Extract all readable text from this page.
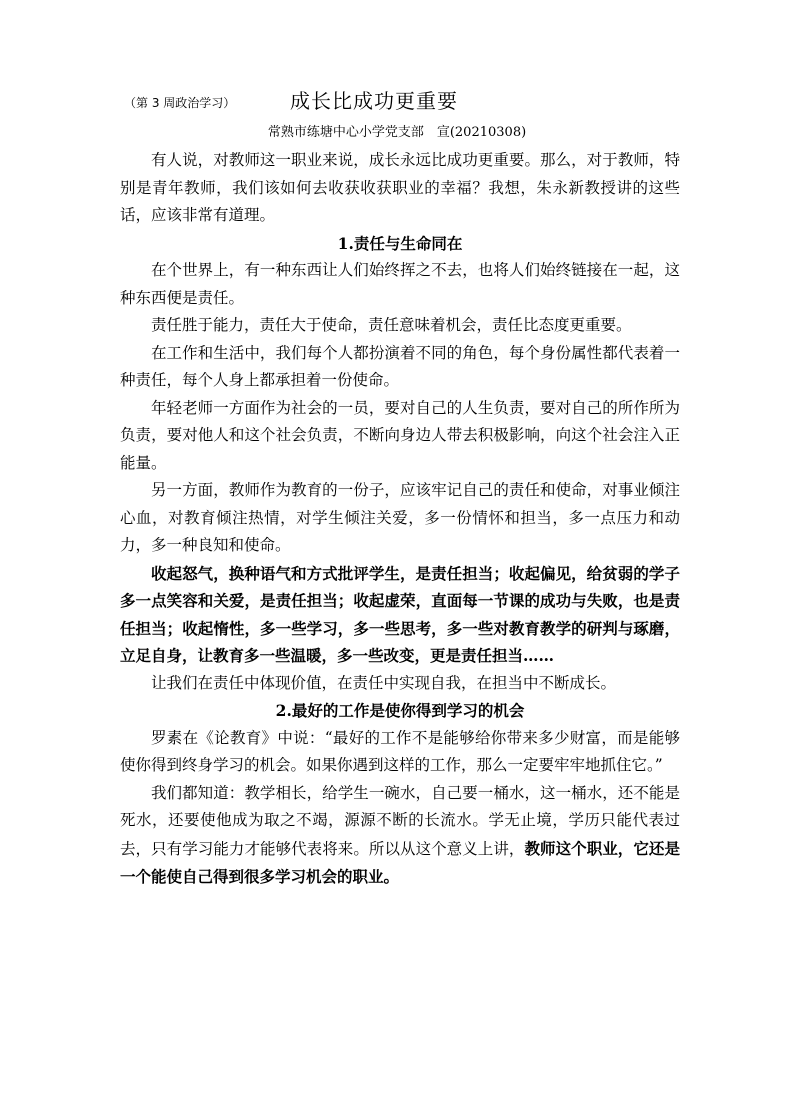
（第 3 周政治学习）	成长比成功更重要
常熟市练塘中心小学党支部　宣(20210308)

有人说，对教师这一职业来说，成长永远比成功更重要。那么，对于教师，特别是青年教师，我们该如何去收获收获职业的幸福？我想，朱永新教授讲的这些话，应该非常有道理。

1.责任与生命同在

在个世界上，有一种东西让人们始终挥之不去，也将人们始终链接在一起，这种东西便是责任。

责任胜于能力，责任大于使命，责任意味着机会，责任比态度更重要。

在工作和生活中，我们每个人都扮演着不同的角色，每个身份属性都代表着一种责任，每个人身上都承担着一份使命。

年轻老师一方面作为社会的一员，要对自己的人生负责，要对自己的所作所为负责，要对他人和这个社会负责，不断向身边人带去积极影响，向这个社会注入正能量。

另一方面，教师作为教育的一份子，应该牢记自己的责任和使命，对事业倾注心血，对教育倾注热情，对学生倾注关爱，多一份情怀和担当，多一点压力和动力，多一种良知和使命。

收起怒气，换种语气和方式批评学生，是责任担当；收起偏见，给贫弱的学子多一点笑容和关爱，是责任担当；收起虚荣，直面每一节课的成功与失败，也是责任担当；收起惰性，多一些学习，多一些思考，多一些对教育教学的研判与琢磨，立足自身，让教育多一些温暖，多一些改变，更是责任担当……

让我们在责任中体现价值，在责任中实现自我，在担当中不断成长。

2.最好的工作是使你得到学习的机会

罗素在《论教育》中说：“最好的工作不是能够给你带来多少财富，而是能够使你得到终身学习的机会。如果你遇到这样的工作，那么一定要牢牢地抓住它。”

我们都知道：教学相长，给学生一碗水，自己要一桶水，这一桶水，还不能是死水，还要使他成为取之不竭，源源不断的长流水。学无止境，学历只能代表过去，只有学习能力才能够代表将来。所以从这个意义上讲，教师这个职业，它还是一个能使自己得到很多学习机会的职业。
